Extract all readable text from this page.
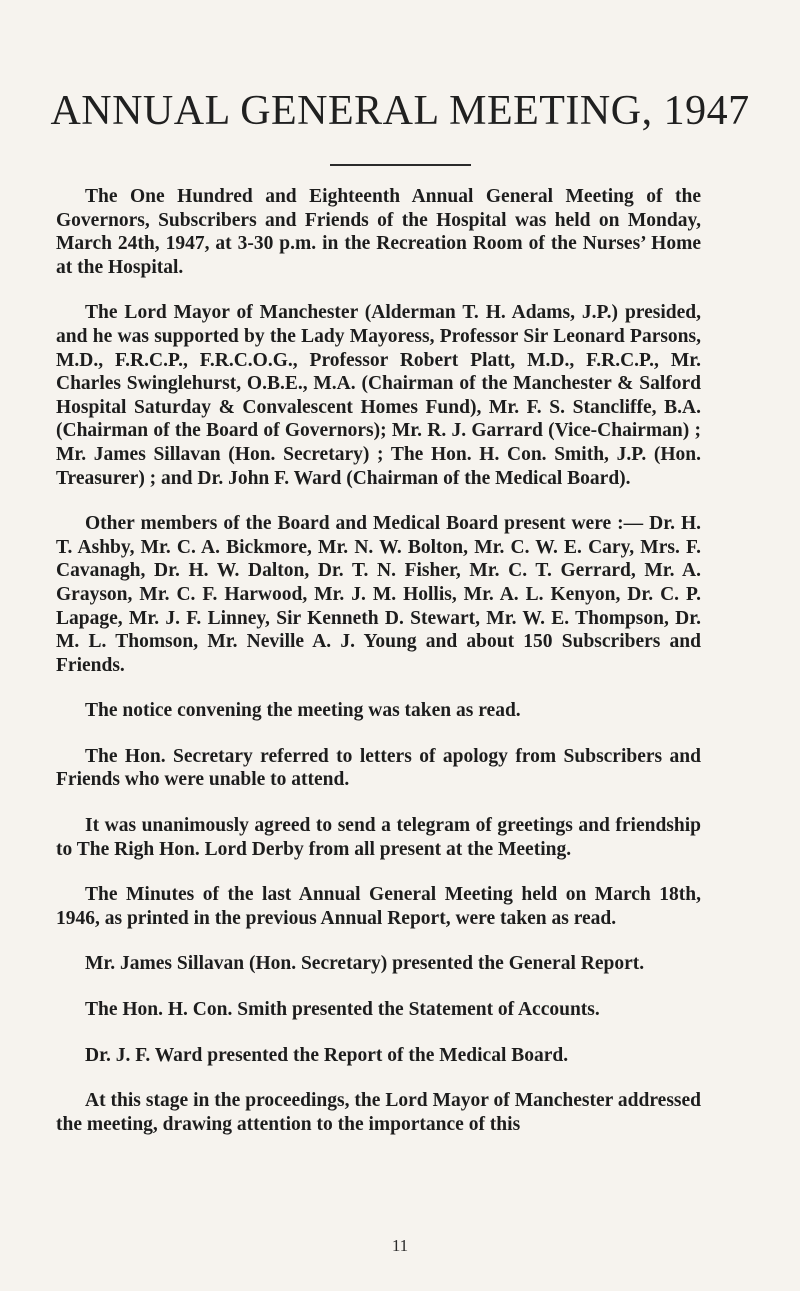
ANNUAL GENERAL MEETING, 1947

The One Hundred and Eighteenth Annual General Meeting of the Governors, Subscribers and Friends of the Hospital was held on Monday, March 24th, 1947, at 3-30 p.m. in the Recreation Room of the Nurses’ Home at the Hospital.

The Lord Mayor of Manchester (Alderman T. H. Adams, J.P.) presided, and he was supported by the Lady Mayoress, Professor Sir Leonard Parsons, M.D., F.R.C.P., F.R.C.O.G., Professor Robert Platt, M.D., F.R.C.P., Mr. Charles Swinglehurst, O.B.E., M.A. (Chairman of the Manchester & Salford Hospital Saturday & Convalescent Homes Fund), Mr. F. S. Stancliffe, B.A. (Chairman of the Board of Governors); Mr. R. J. Garrard (Vice-Chairman) ; Mr. James Sillavan (Hon. Secretary) ; The Hon. H. Con. Smith, J.P. (Hon. Treasurer) ; and Dr. John F. Ward (Chairman of the Medical Board).

Other members of the Board and Medical Board present were :— Dr. H. T. Ashby, Mr. C. A. Bickmore, Mr. N. W. Bolton, Mr. C. W. E. Cary, Mrs. F. Cavanagh, Dr. H. W. Dalton, Dr. T. N. Fisher, Mr. C. T. Gerrard, Mr. A. Grayson, Mr. C. F. Harwood, Mr. J. M. Hollis, Mr. A. L. Kenyon, Dr. C. P. Lapage, Mr. J. F. Linney, Sir Kenneth D. Stewart, Mr. W. E. Thompson, Dr. M. L. Thomson, Mr. Neville A. J. Young and about 150 Subscribers and Friends.

The notice convening the meeting was taken as read.

The Hon. Secretary referred to letters of apology from Subscribers and Friends who were unable to attend.

It was unanimously agreed to send a telegram of greetings and friendship to The Righ Hon. Lord Derby from all present at the Meeting.

The Minutes of the last Annual General Meeting held on March 18th, 1946, as printed in the previous Annual Report, were taken as read.

Mr. James Sillavan (Hon. Secretary) presented the General Report.

The Hon. H. Con. Smith presented the Statement of Accounts.

Dr. J. F. Ward presented the Report of the Medical Board.

At this stage in the proceedings, the Lord Mayor of Manchester addressed the meeting, drawing attention to the importance of this

11
